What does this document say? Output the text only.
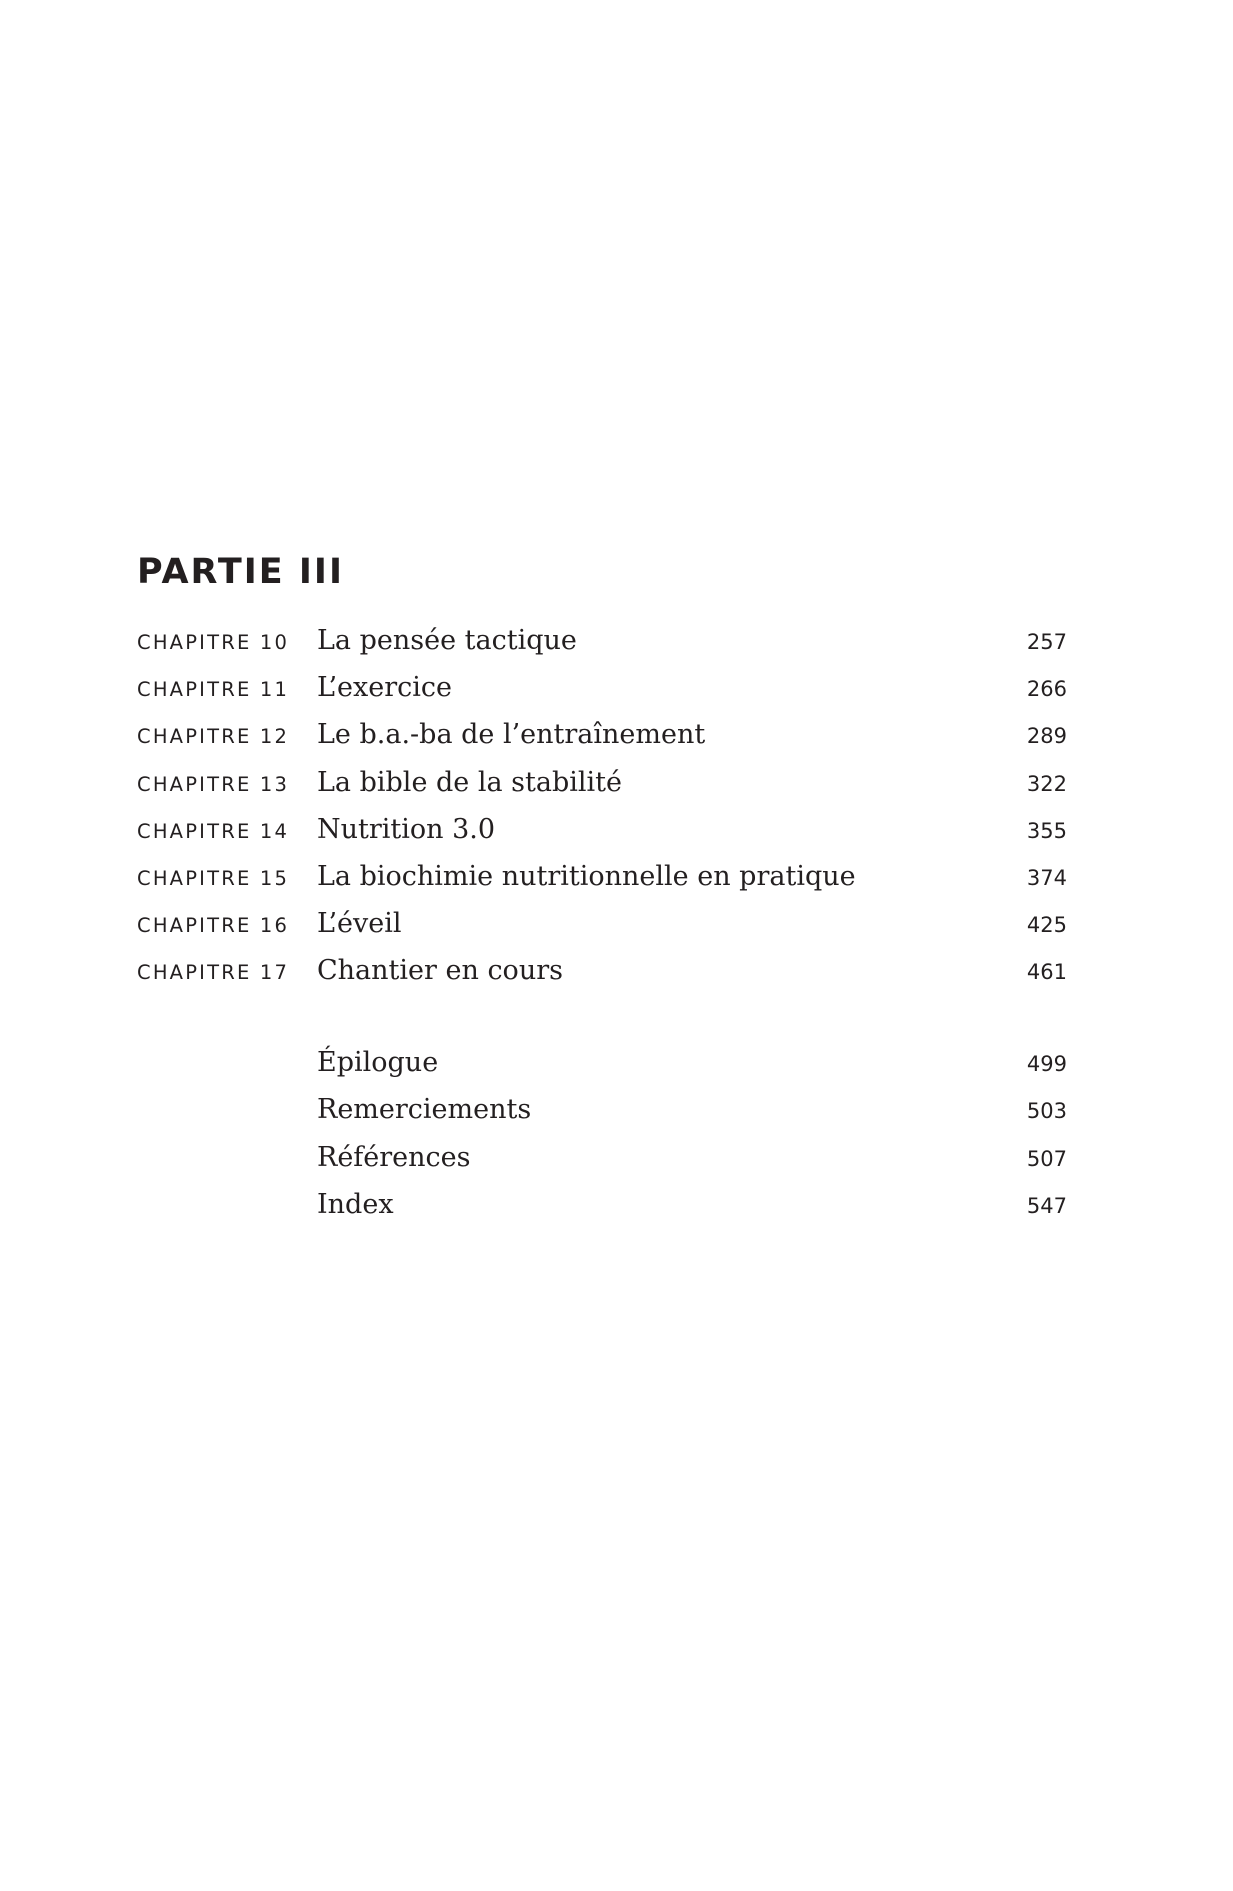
PARTIE III
CHAPITRE 10 La pensée tactique	257
CHAPITRE 11 L’exercice	266
CHAPITRE 12 Le b.a.-ba de l’entraînement	289
CHAPITRE 13 La bible de la stabilité	322
CHAPITRE 14 Nutrition 3.0	355
CHAPITRE 15 La biochimie nutritionnelle en pratique	374
CHAPITRE 16 L’éveil	425
CHAPITRE 17 Chantier en cours	461
Épilogue	499
Remerciements	503
Références	507
Index	547
